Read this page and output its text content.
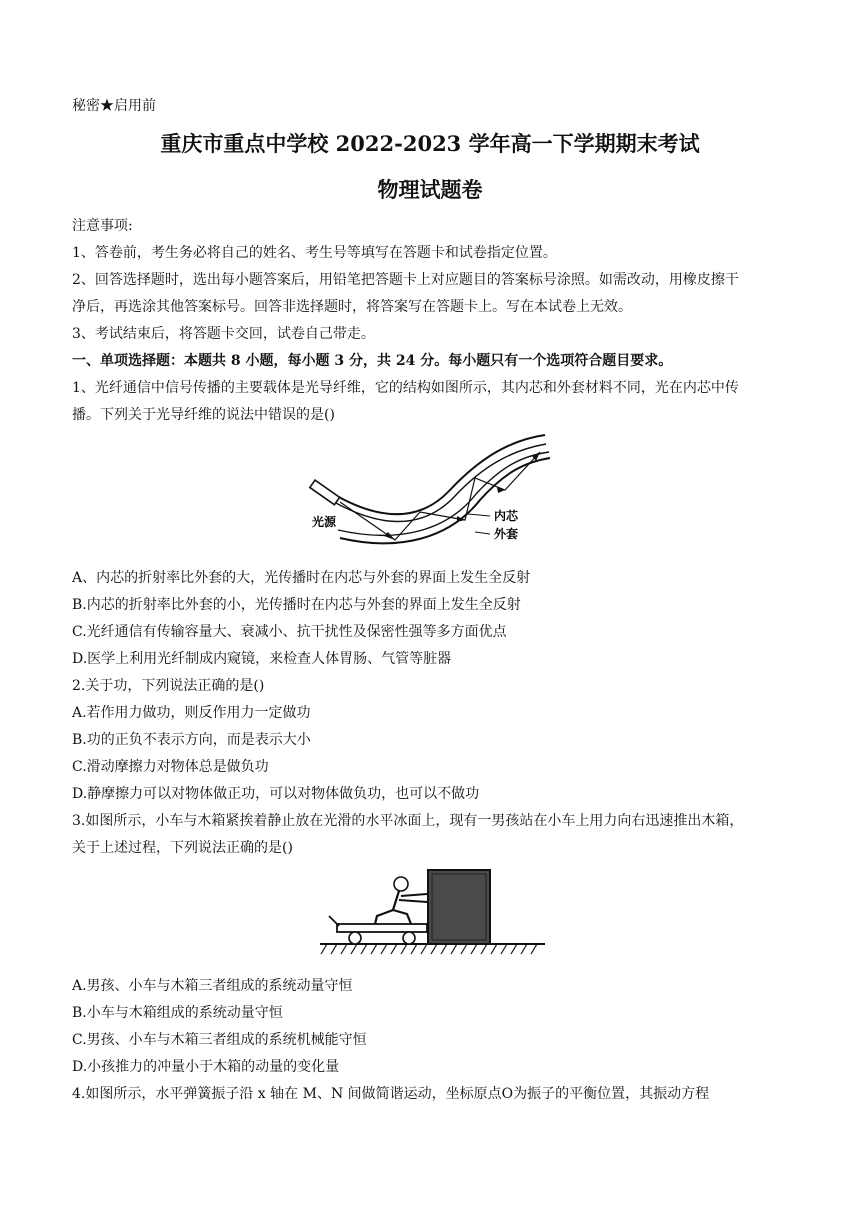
秘密★启用前
重庆市重点中学校 2022-2023 学年高一下学期期末考试
物理试题卷
注意事项:
1、答卷前，考生务必将自己的姓名、考生号等填写在答题卡和试卷指定位置。
2、回答选择题时，选出每小题答案后，用铅笔把答题卡上对应题目的答案标号涂照。如需改动，用橡皮擦干
净后，再选涂其他答案标号。回答非选择题时，将答案写在答题卡上。写在本试卷上无效。
3、考试结束后，将答题卡交回，试卷自己带走。
一、单项选择题：本题共 8 小题，每小题 3 分，共 24 分。每小题只有一个选项符合题目要求。
1、光纤通信中信号传播的主要载体是光导纤维，它的结构如图所示，其内芯和外套材料不同，光在内芯中传
播。下列关于光导纤维的说法中错误的是()
光源	内芯
外套
A、内芯的折射率比外套的大，光传播时在内芯与外套的界面上发生全反射
B.内芯的折射率比外套的小，光传播时在内芯与外套的界面上发生全反射
C.光纤通信有传输容量大、衰减小、抗干扰性及保密性强等多方面优点
D.医学上利用光纤制成内窥镜，来检查人体胃肠、气管等脏器
2.关于功，下列说法正确的是()
A.若作用力做功，则反作用力一定做功
B.功的正负不表示方向，而是表示大小
C.滑动摩擦力对物体总是做负功
D.静摩擦力可以对物体做正功，可以对物体做负功，也可以不做功
3.如图所示，小车与木箱紧挨着静止放在光滑的水平冰面上，现有一男孩站在小车上用力向右迅速推出木箱，
关于上述过程，下列说法正确的是()
A.男孩、小车与木箱三者组成的系统动量守恒
B.小车与木箱组成的系统动量守恒
C.男孩、小车与木箱三者组成的系统机械能守恒
D.小孩推力的冲量小于木箱的动量的变化量
4.如图所示，水平弹簧振子沿 x 轴在 M、N 间做简谐运动，坐标原点O为振子的平衡位置，其振动方程
